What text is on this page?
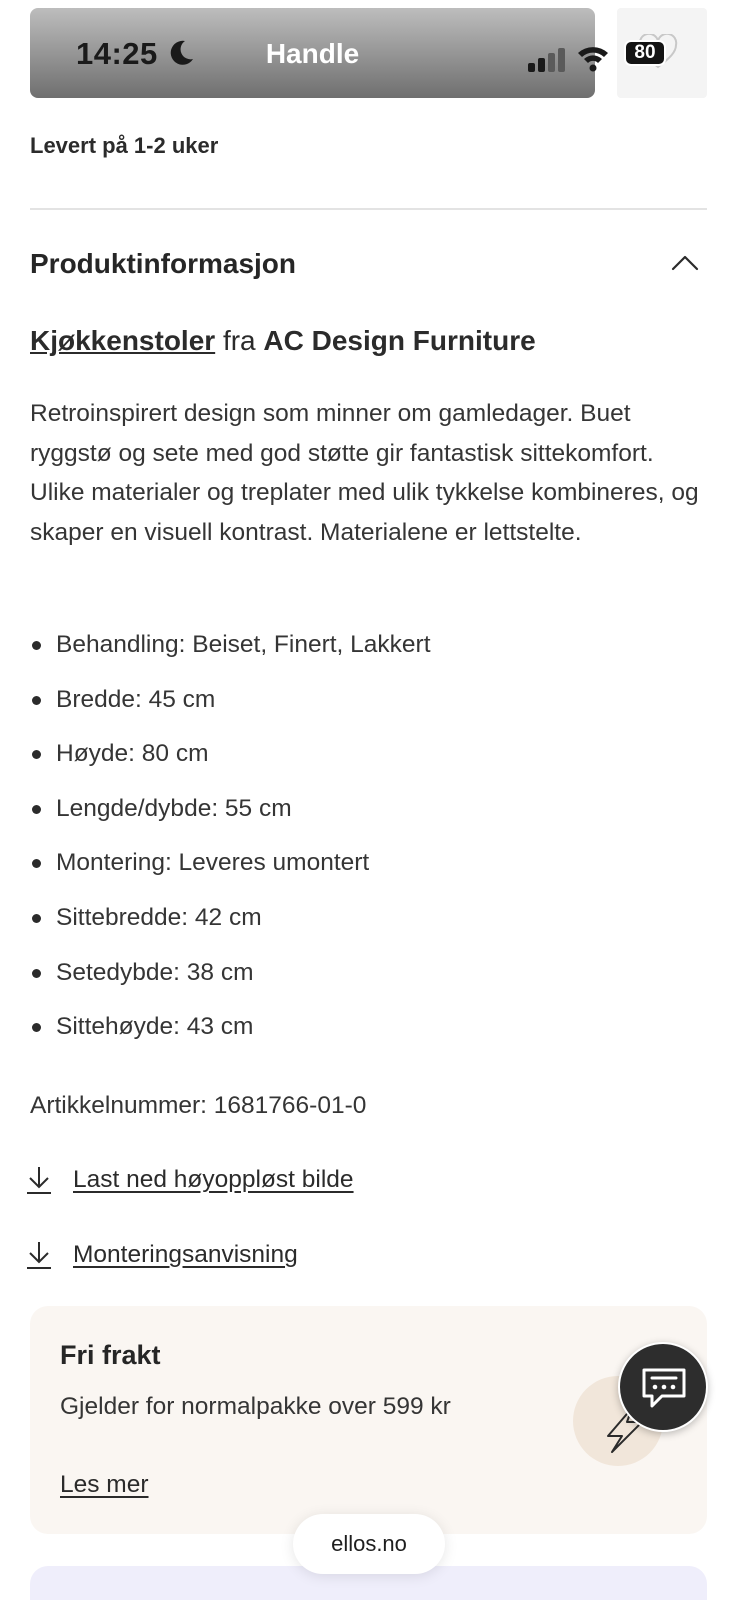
14:25	Handle	80
Levert på 1-2 uker
Produktinformasjon
Kjøkkenstoler fra AC Design Furniture

Retroinspirert design som minner om gamledager. Buet ryggstø og sete med god støtte gir fantastisk sittekomfort. Ulike materialer og treplater med ulik tykkelse kombineres, og skaper en visuell kontrast. Materialene er lettstelte.

Behandling: Beiset, Finert, Lakkert
Bredde: 45 cm
Høyde: 80 cm
Lengde/dybde: 55 cm
Montering: Leveres umontert
Sittebredde: 42 cm
Setedybde: 38 cm
Sittehøyde: 43 cm
Artikkelnummer: 1681766-01-0
Last ned høyoppløst bilde
Monteringsanvisning
Fri frakt
Gjelder for normalpakke over 599 kr
Les mer
ellos.no
